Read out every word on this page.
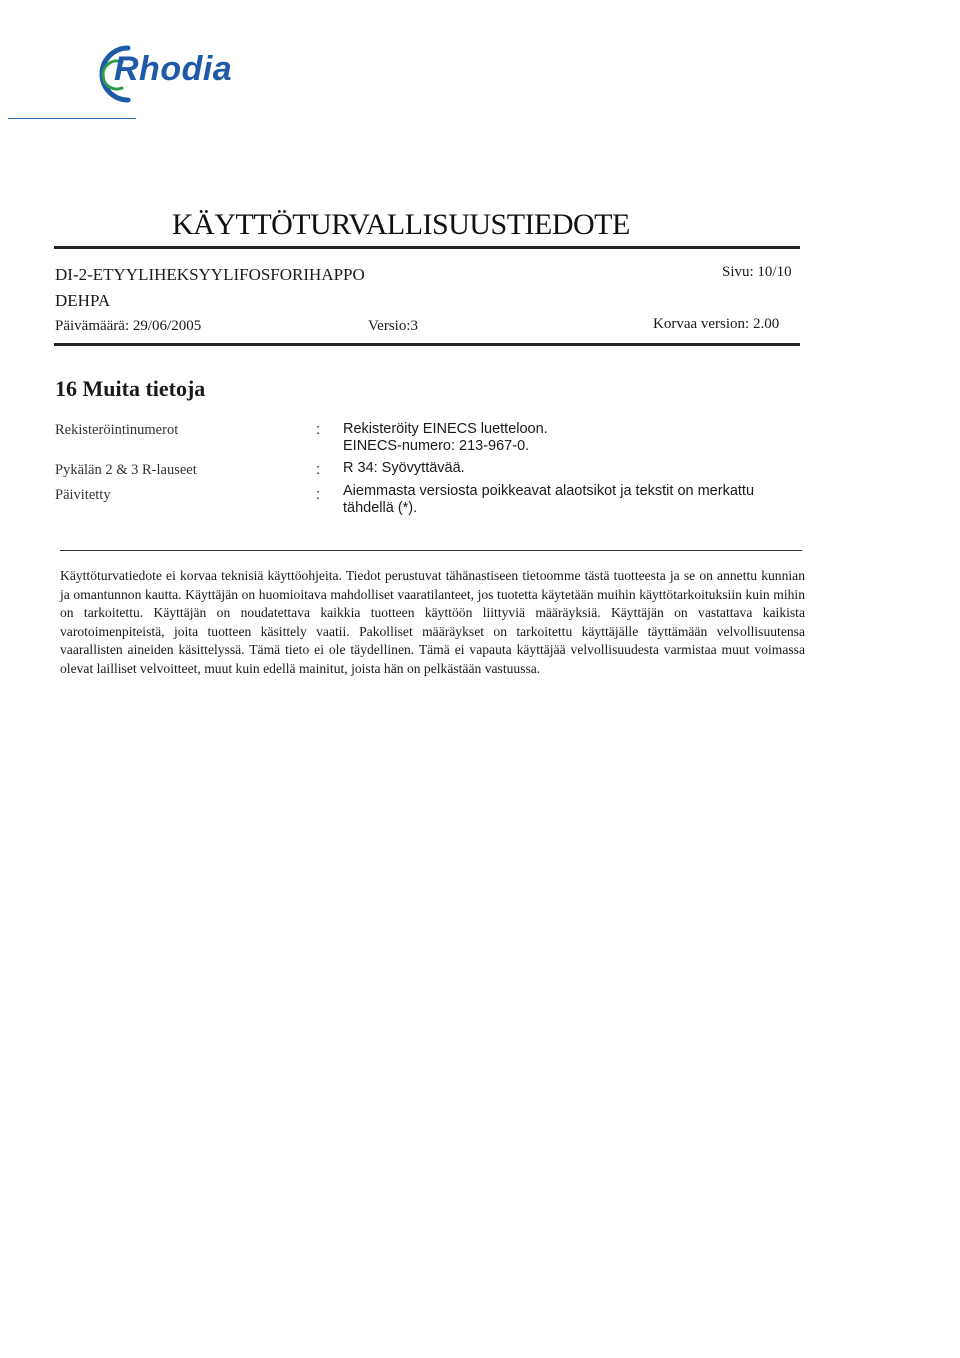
Rhodia
KÄYTTÖTURVALLISUUSTIEDOTE
DI-2-ETYYLIHEKSYYLIFOSFORIHAPPO
DEHPA
Sivu: 10/10
Päivämäärä: 29/06/2005	Versio:3	Korvaa version: 2.00
16 Muita tietoja
Rekisteröintinumerot	: Rekisteröity EINECS luetteloon.
EINECS-numero: 213-967-0.
Pykälän 2 & 3 R-lauseet	: R 34: Syövyttävää.
Päivitetty	: Aiemmasta versiosta poikkeavat alaotsikot ja tekstit on merkattu
tähdellä (*).
Käyttöturvatiedote ei korvaa teknisiä käyttöohjeita. Tiedot perustuvat tähänastiseen tietoomme tästä tuotteesta ja se on annettu kunnian ja omantunnon kautta. Käyttäjän on huomioitava mahdolliset vaaratilanteet, jos tuotetta käytetään muihin käyttötarkoituksiin kuin mihin on tarkoitettu. Käyttäjän on noudatettava kaikkia tuotteen käyttöön liittyviä määräyksiä. Käyttäjän on vastattava kaikista varotoimenpiteistä, joita tuotteen käsittely vaatii. Pakolliset määräykset on tarkoitettu käyttäjälle täyttämään velvollisuutensa vaarallisten aineiden käsittelyssä. Tämä tieto ei ole täydellinen. Tämä ei vapauta käyttäjää velvollisuudesta varmistaa muut voimassa olevat lailliset velvoitteet, muut kuin edellä mainitut, joista hän on pelkästään vastuussa.
